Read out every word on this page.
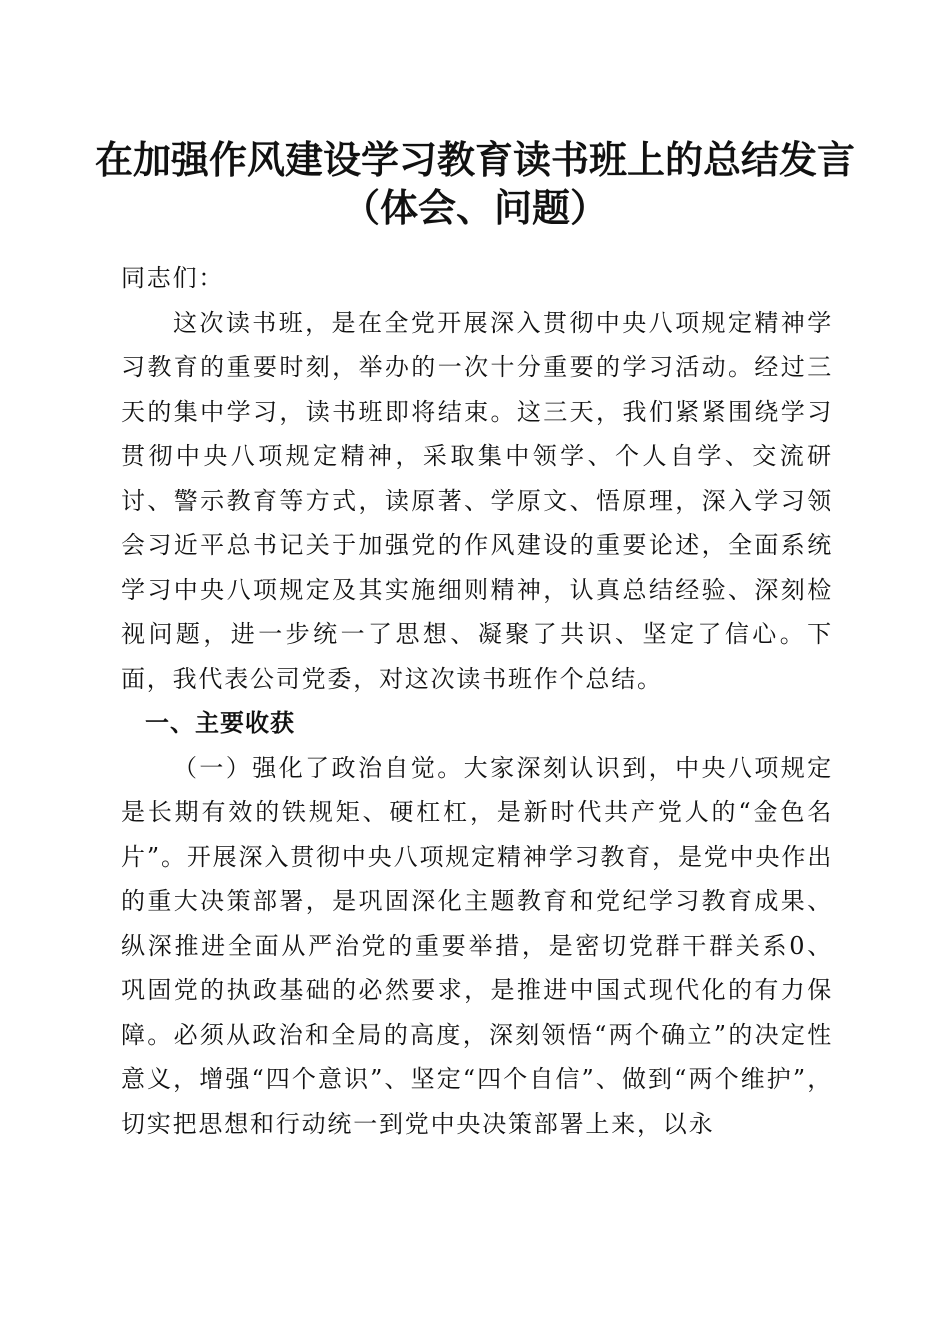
在加强作风建设学习教育读书班上的总结发言
（体会、问题）

同志们：

这次读书班，是在全党开展深入贯彻中央八项规定精神学习教育的重要时刻，举办的一次十分重要的学习活动。经过三天的集中学习，读书班即将结束。这三天，我们紧紧围绕学习贯彻中央八项规定精神，采取集中领学、个人自学、交流研讨、警示教育等方式，读原著、学原文、悟原理，深入学习领会习近平总书记关于加强党的作风建设的重要论述，全面系统学习中央八项规定及其实施细则精神，认真总结经验、深刻检视问题，进一步统一了思想、凝聚了共识、坚定了信心。下面，我代表公司党委，对这次读书班作个总结。

一、主要收获

（一）强化了政治自觉。大家深刻认识到，中央八项规定是长期有效的铁规矩、硬杠杠，是新时代共产党人的“金色名片”。开展深入贯彻中央八项规定精神学习教育，是党中央作出的重大决策部署，是巩固深化主题教育和党纪学习教育成果、纵深推进全面从严治党的重要举措，是密切党群干群关系0、巩固党的执政基础的必然要求，是推进中国式现代化的有力保障。必须从政治和全局的高度，深刻领悟“两个确立”的决定性意义，增强“四个意识”、坚定“四个自信”、做到“两个维护”，切实把思想和行动统一到党中央决策部署上来，以永
